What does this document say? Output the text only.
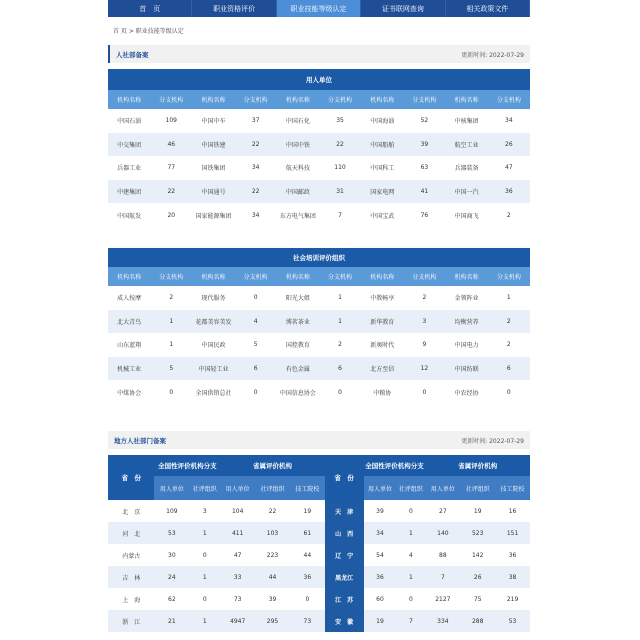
首　页	职业资格评价	职业技能等级认定	证书联网查询	相关政策文件
首 页 > 职业技能等级认定
人社部备案	更新时间: 2022-07-29
用人单位									
机构名称	分支机构	机构名称	分支机构	机构名称	分支机构	机构名称	分支机构	机构名称	分支机构
中国石油	109	中国中车	37	中国石化	35	中国海油	52	中核集团	34
中交集团	46	中国铁建	22	中国中铁	22	中国船舶	39	航空工业	26
兵器工业	77	国铁集团	34	航天科技	110	中国科工	63	兵器装备	47
中建集团	22	中国通号	22	中国邮政	31	国家电网	41	中国一汽	36
中国航发	20	国家能源集团	34	东方电气集团	7	中国宝武	76	中国商飞	2
社会培训评价组织									
机构名称	分支机构	机构名称	分支机构	机构名称	分支机构	机构名称	分支机构	机构名称	分支机构
成人按摩	2	现代服务	0	阳光大姐	1	中教畅享	2	金领阵业	1
北大青鸟	1	花都美容美发	4	博茗茶业	1	新华教育	3	均衡营养	2
山东蓝翔	1	中国民政	5	国控教育	2	新奥时代	9	中国电力	2
机械工业	5	中国轻工业	6	有色金属	6	北方至信	12	中国纺联	6
中煤协会	0	全国供销总社	0	中国信息协会	0	中粮协	0	中农经协	0
地方人社部门备案	更新时间: 2022-07-29
省　份	全国性评价机构分支		省属评价机构			省　份	全国性评价机构分支		省属评价机构		
	用人单位	社评组织	用人单位	社评组织	技工院校		用人单位	社评组织	用人单位	社评组织	技工院校
北　京	109	3	104	22	19	天　津	39	0	27	19	16
河　北	53	1	411	103	61	山　西	34	1	140	523	151
内蒙古	30	0	47	223	44	辽　宁	54	4	88	142	36
吉　林	24	1	33	44	36	黑龙江	36	1	7	26	38
上　海	62	0	73	39	0	江　苏	60	0	2127	75	219
浙　江	21	1	4947	295	73	安　徽	19	7	334	288	53
